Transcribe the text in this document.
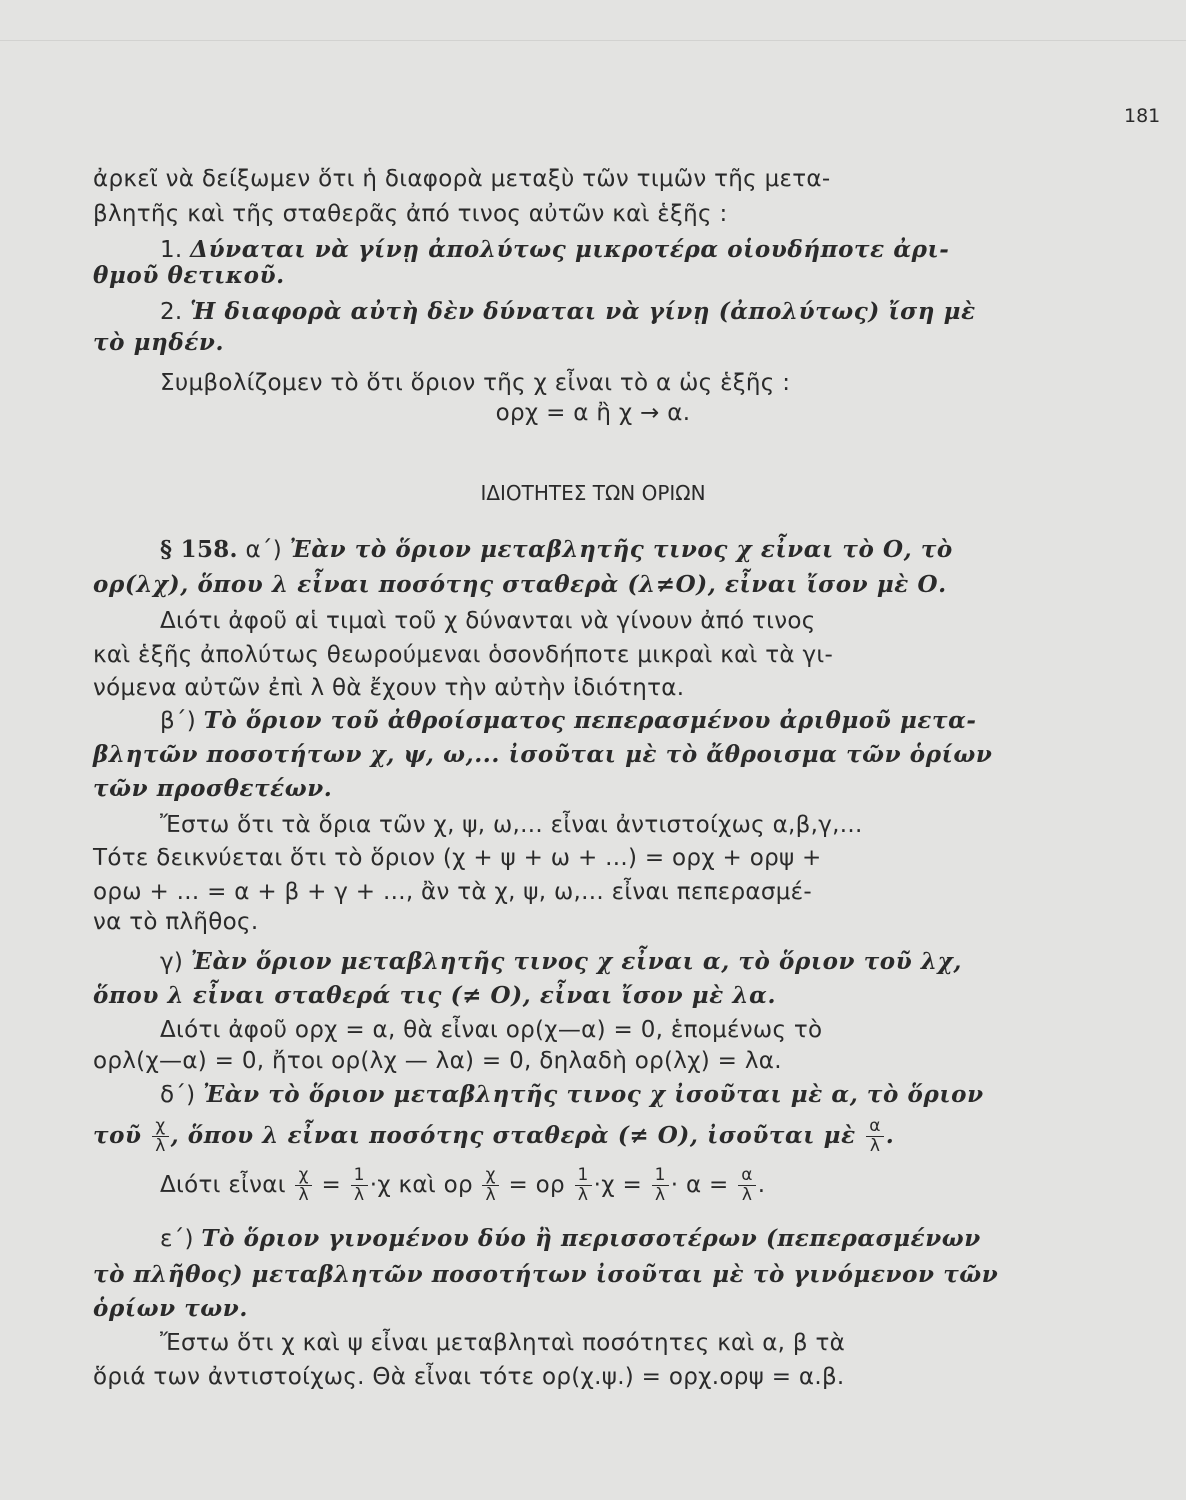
181
ἀρκεῖ νὰ δείξωμεν ὅτι ἡ διαφορὰ μεταξὺ τῶν τιμῶν τῆς μετα-
βλητῆς καὶ τῆς σταθερᾶς ἀπό τινος αὐτῶν καὶ ἑξῆς :
1. Δύναται νὰ γίνῃ ἀπολύτως μικροτέρα οἱουδήποτε ἀρι-
θμοῦ θετικοῦ.
2. Ἡ διαφορὰ αὐτὴ δὲν δύναται νὰ γίνῃ (ἀπολύτως) ἴση μὲ
τὸ μηδέν.
Συμβολίζομεν τὸ ὅτι ὅριον τῆς χ εἶναι τὸ α ὡς ἑξῆς :
ορχ = α ἢ χ → α.
ΙΔΙΟΤΗΤΕΣ ΤΩΝ ΟΡΙΩΝ
§ 158. α΄) Ἐὰν τὸ ὅριον μεταβλητῆς τινος χ εἶναι τὸ Ο, τὸ
ορ(λχ), ὅπου λ εἶναι ποσότης σταθερὰ (λ≠Ο), εἶναι ἴσον μὲ Ο.
Διότι ἀφοῦ αἱ τιμαὶ τοῦ χ δύνανται νὰ γίνουν ἀπό τινος
καὶ ἑξῆς ἀπολύτως θεωρούμεναι ὁσονδήποτε μικραὶ καὶ τὰ γι-
νόμενα αὐτῶν ἐπὶ λ θὰ ἔχουν τὴν αὐτὴν ἰδιότητα.
β΄) Τὸ ὅριον τοῦ ἀθροίσματος πεπερασμένου ἀριθμοῦ μετα-
βλητῶν ποσοτήτων χ, ψ, ω,... ἰσοῦται μὲ τὸ ἄθροισμα τῶν ὁρίων
τῶν προσθετέων.
Ἔστω ὅτι τὰ ὅρια τῶν χ, ψ, ω,... εἶναι ἀντιστοίχως α,β,γ,...
Τότε δεικνύεται ὅτι τὸ ὅριον (χ + ψ + ω + ...) = ορχ + ορψ +
ορω + ... = α + β + γ + ..., ἂν τὰ χ, ψ, ω,... εἶναι πεπερασμέ-
να τὸ πλῆθος.
γ) Ἐὰν ὅριον μεταβλητῆς τινος χ εἶναι α, τὸ ὅριον τοῦ λχ,
ὅπου λ εἶναι σταθερά τις (≠ Ο), εἶναι ἴσον μὲ λα.
Διότι ἀφοῦ ορχ = α, θὰ εἶναι ορ(χ—α) = 0, ἑπομένως τὸ
ορλ(χ—α) = 0, ἤτοι ορ(λχ — λα) = 0, δηλαδὴ ορ(λχ) = λα.
δ΄) Ἐὰν τὸ ὅριον μεταβλητῆς τινος χ ἰσοῦται μὲ α, τὸ ὅριον
τοῦ $\frac{\chi}{\lambda}$ , ὅπου λ εἶναι ποσότης σταθερὰ (≠ Ο), ἰσοῦται μὲ $\frac{\alpha}{\lambda}$ .
Διότι εἶναι $\frac{\chi}{\lambda} = \frac{1}{\lambda} \cdot\chi$ καὶ ορ $\frac{\chi}{\lambda} = o\rho \frac{1}{\lambda} \cdot\chi = \frac{1}{\lambda} \cdot \alpha = \frac{\alpha}{\lambda}$ .
ε΄) Τὸ ὅριον γινομένου δύο ἢ περισσοτέρων (πεπερασμένων
τὸ πλῆθος) μεταβλητῶν ποσοτήτων ἰσοῦται μὲ τὸ γινόμενον τῶν
ὁρίων των.
Ἔστω ὅτι χ καὶ ψ εἶναι μεταβληταὶ ποσότητες καὶ α, β τὰ
ὅριά των ἀντιστοίχως. Θὰ εἶναι τότε ορ(χ.ψ.) = ορχ.ορψ = α.β.
